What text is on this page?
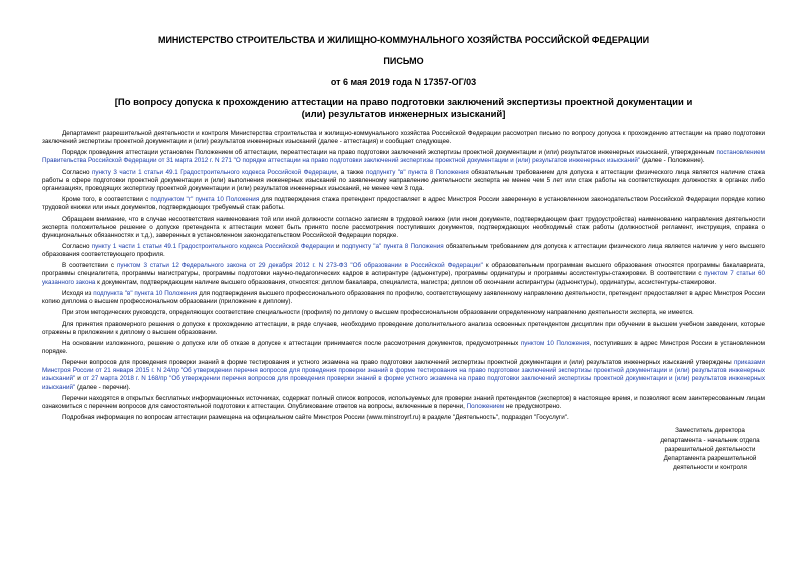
МИНИСТЕРСТВО СТРОИТЕЛЬСТВА И ЖИЛИЩНО-КОММУНАЛЬНОГО ХОЗЯЙСТВА РОССИЙСКОЙ ФЕДЕРАЦИИ
ПИСЬМО
от 6 мая 2019 года N 17357-ОГ/03
[По вопросу допуска к прохождению аттестации на право подготовки заключений экспертизы проектной документации и (или) результатов инженерных изысканий]

Департамент разрешительной деятельности и контроля Министерства строительства и жилищно-коммунального хозяйства Российской Федерации рассмотрел письмо по вопросу допуска к прохождению аттестации на право подготовки заключений экспертизы проектной документации и (или) результатов инженерных изысканий (далее - аттестация) и сообщает следующее.

Порядок проведения аттестации установлен Положением об аттестации, переаттестации на право подготовки заключений экспертизы проектной документации и (или) результатов инженерных изысканий, утвержденным постановлением Правительства Российской Федерации от 31 марта 2012 г. N 271 "О порядке аттестации на право подготовки заключений экспертизы проектной документации и (или) результатов инженерных изысканий" (далее - Положение).

Согласно пункту 3 части 1 статьи 49.1 Градостроительного кодекса Российской Федерации, а также подпункту "в" пункта 8 Положения обязательным требованием для допуска к аттестации физического лица является наличие стажа работы в сфере подготовки проектной документации и (или) выполнения инженерных изысканий по заявленному направлению деятельности эксперта не менее чем 5 лет или стаж работы на соответствующих должностях в органах либо организациях, проводящих экспертизу проектной документации и (или) результатов инженерных изысканий, не менее чем 3 года.

Кроме того, в соответствии с подпунктом "г" пункта 10 Положения для подтверждения стажа претендент предоставляет в адрес Минстроя России заверенную в установленном законодательством Российской Федерации порядке копию трудовой книжки или иных документов, подтверждающих требуемый стаж работы.

Обращаем внимание, что в случае несоответствия наименования той или иной должности согласно записям в трудовой книжке (или ином документе, подтверждающем факт трудоустройства) наименованию направления деятельности эксперта положительное решение о допуске претендента к аттестации может быть принято после рассмотрения поступивших документов, подтверждающих необходимый стаж работы (должностной регламент, инструкция, справка о функциональных обязанностях и т.д.), заверенных в установленном законодательством Российской Федерации порядке.

Согласно пункту 1 части 1 статьи 49.1 Градостроительного кодекса Российской Федерации и подпункту "а" пункта 8 Положения обязательным требованием для допуска к аттестации физического лица является наличие у него высшего образования соответствующего профиля.

В соответствии с пунктом 3 статьи 12 Федерального закона от 29 декабря 2012 г. N 273-ФЗ "Об образовании в Российской Федерации" к образовательным программам высшего образования относятся программы бакалавриата, программы специалитета, программы магистратуры, программы подготовки научно-педагогических кадров в аспирантуре (адъюнктуре), программы ординатуры и программы ассистентуры-стажировки. В соответствии с пунктом 7 статьи 60 указанного закона к документам, подтверждающим наличие высшего образования, относятся: диплом бакалавра, специалиста, магистра; диплом об окончании аспирантуры (адъюнктуры), ординатуры, ассистентуры-стажировки.

Исходя из подпункта "в" пункта 10 Положения для подтверждения высшего профессионального образования по профилю, соответствующему заявленному направлению деятельности, претендент предоставляет в адрес Минстроя России копию диплома о высшем профессиональном образовании (приложение к диплому).

При этом методических руководств, определяющих соответствие специальности (профиля) по диплому о высшем профессиональном образовании определенному направлению деятельности эксперта, не имеется.

Для принятия правомерного решения о допуске к прохождению аттестации, в ряде случаев, необходимо проведение дополнительного анализа освоенных претендентом дисциплин при обучении в высшем учебном заведении, которые отражены в приложении к диплому о высшем образовании.

На основании изложенного, решение о допуске или об отказе в допуске к аттестации принимается после рассмотрения документов, предусмотренных пунктом 10 Положения, поступивших в адрес Минстроя России в установленном порядке.

Перечни вопросов для проведения проверки знаний в форме тестирования и устного экзамена на право подготовки заключений экспертизы проектной документации и (или) результатов инженерных изысканий утверждены приказами Минстроя России от 21 января 2015 г. N 24/пр "Об утверждении перечня вопросов для проведения проверки знаний в форме тестирования на право подготовки заключений экспертизы проектной документации и (или) результатов инженерных изысканий" и от 27 марта 2018 г. N 168/пр "Об утверждении перечня вопросов для проведения проверки знаний в форме устного экзамена на право подготовки заключений экспертизы проектной документации и (или) результатов инженерных изысканий" (далее - перечни).

Перечни находятся в открытых бесплатных информационных источниках, содержат полный список вопросов, используемых для проверки знаний претендентов (экспертов) в настоящее время, и позволяют всем заинтересованным лицам ознакомиться с перечнем вопросов для самостоятельной подготовки к аттестации. Опубликование ответов на вопросы, включенные в перечни, Положением не предусмотрено.

Подробная информация по вопросам аттестации размещена на официальном сайте Минстроя России (www.minstroyrf.ru) в разделе "Деятельность", подраздел "Госуслуги".

Заместитель директора
департамента - начальник отдела
разрешительной деятельности
Департамента разрешительной
деятельности и контроля
